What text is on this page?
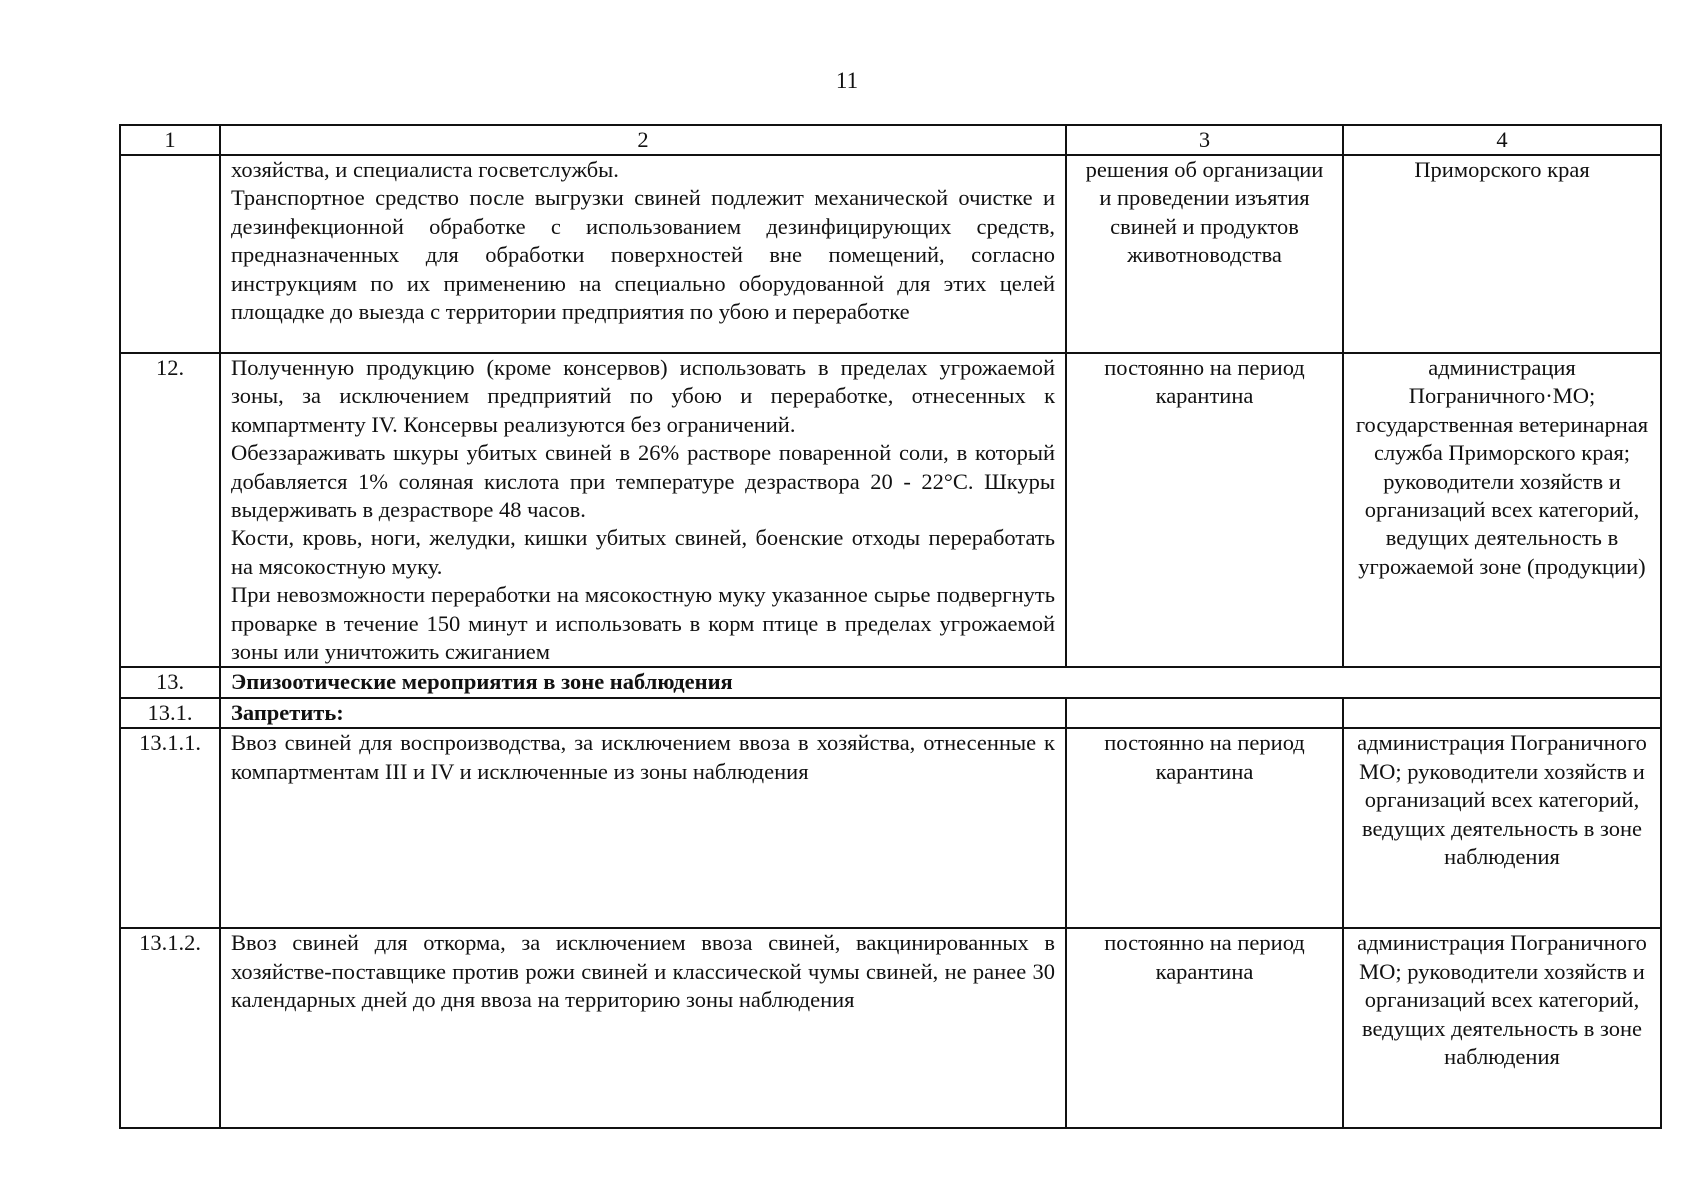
11
1	2	3	4

	хозяйства, и специалиста госветслужбы.
Транспортное средство после выгрузки свиней подлежит механической очистке и дезинфекционной обработке с использованием дезинфицирующих средств, предназначенных для обработки поверхностей вне помещений, согласно инструкциям по их применению на специально оборудованной для этих целей площадке до выезда с территории предприятия по убою и переработке	решения об организации и проведении изъятия свиней и продуктов животноводства	Приморского края
12.	Полученную продукцию (кроме консервов) использовать в пределах угрожаемой зоны, за исключением предприятий по убою и переработке, отнесенных к компартменту IV. Консервы реализуются без ограничений.
Обеззараживать шкуры убитых свиней в 26% растворе поваренной соли, в который добавляется 1% соляная кислота при температуре дезраствора 20 - 22°С. Шкуры выдерживать в дезрастворе 48 часов.
Кости, кровь, ноги, желудки, кишки убитых свиней, боенские отходы переработать на мясокостную муку.
При невозможности переработки на мясокостную муку указанное сырье подвергнуть проварке в течение 150 минут и использовать в корм птице в пределах угрожаемой зоны или уничтожить сжиганием	постоянно на период карантина	администрация Пограничного·МО; государственная ветеринарная служба Приморского края; руководители хозяйств и организаций всех категорий, ведущих деятельность в угрожаемой зоне (продукции)
13.	Эпизоотические мероприятия в зоне наблюдения		
13.1.	Запретить:		
13.1.1.	Ввоз свиней для воспроизводства, за исключением ввоза в хозяйства, отнесенные к компартментам III и IV и исключенные из зоны наблюдения	постоянно на период карантина	администрация Пограничного МО; руководители хозяйств и организаций всех категорий, ведущих деятельность в зоне наблюдения
13.1.2.	Ввоз свиней для откорма, за исключением ввоза свиней, вакцинированных в хозяйстве-поставщике против рожи свиней и классической чумы свиней, не ранее 30 календарных дней до дня ввоза на территорию зоны наблюдения	постоянно на период карантина	администрация Пограничного МО; руководители хозяйств и организаций всех категорий, ведущих деятельность в зоне наблюдения
